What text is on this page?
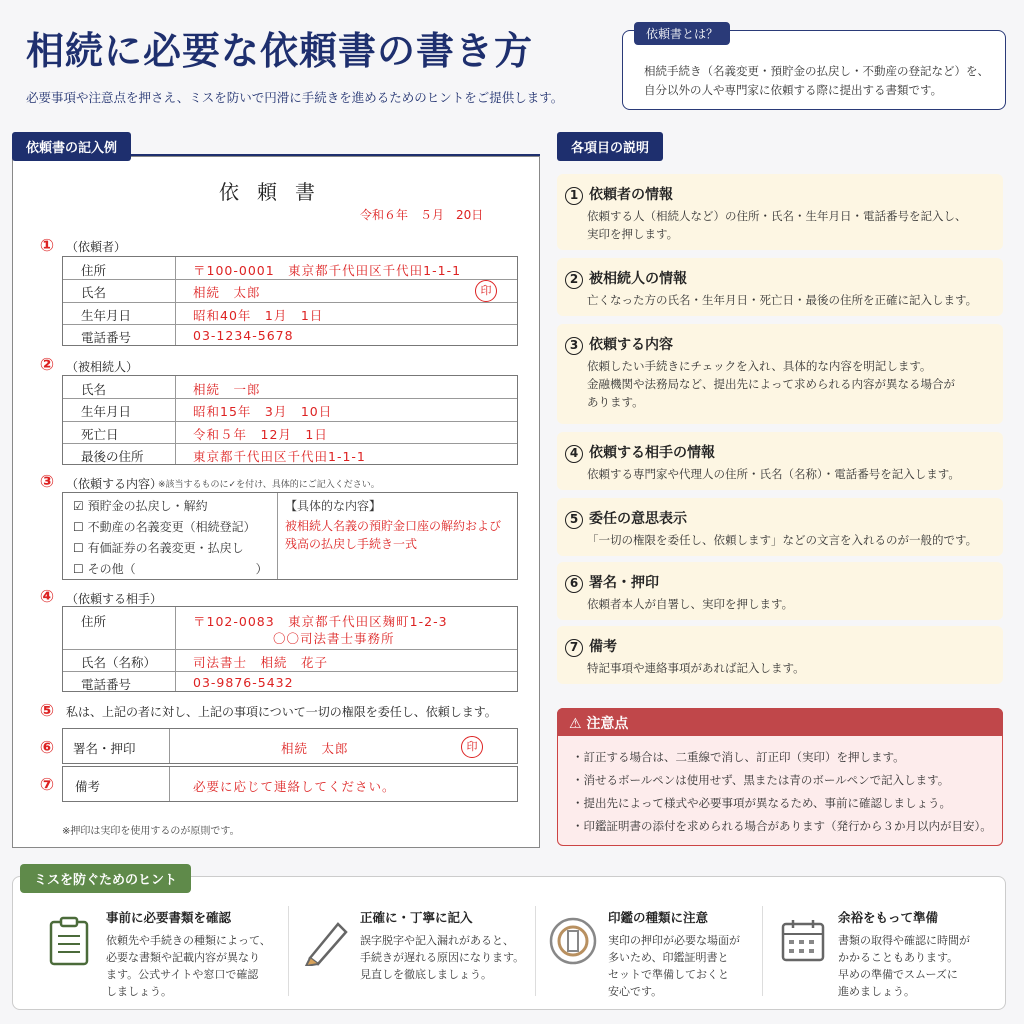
相続に必要な依頼書の書き方
必要事項や注意点を押さえ、ミスを防いで円滑に手続きを進めるためのヒントをご提供します。
依頼書とは？
相続手続き（名義変更・預貯金の払戻し・不動産の登記など）を、自分以外の人や専門家に依頼する際に提出する書類です。
依頼書の記入例
依頼書
令和６年　５月　20日
① （依頼者）
住所	〒100-0001　東京都千代田区千代田1-1-1
氏名	相続　太郎	印
生年月日	昭和40年　1月　1日
電話番号	03-1234-5678
② （被相続人）
氏名	相続　一郎
生年月日	昭和15年　3月　10日
死亡日	令和５年　12月　1日
最後の住所	東京都千代田区千代田1-1-1
③ （依頼する内容）
※該当するものに✓を付け、具体的にご記入ください。
☑ 預貯金の払戻し・解約
☐ 不動産の名義変更（相続登記）
☐ 有価証券の名義変更・払戻し
☐ その他（　　　　　　　　　　）
【具体的な内容】
被相続人名義の預貯金口座の解約および残高の払戻し手続き一式
④ （依頼する相手）
住所	〒102-0083　東京都千代田区麹町1-2-3
〇〇司法書士事務所
氏名（名称）	司法書士　相続　花子
電話番号	03-9876-5432
⑤ 私は、上記の者に対し、上記の事項について一切の権限を委任し、依頼します。
⑥	署名・押印	相続　太郎	印
⑦	備考	必要に応じて連絡してください。
※押印は実印を使用するのが原則です。
各項目の説明
1 依頼者の情報
依頼する人（相続人など）の住所・氏名・生年月日・電話番号を記入し、
実印を押します。
2 被相続人の情報
亡くなった方の氏名・生年月日・死亡日・最後の住所を正確に記入します。
3 依頼する内容
依頼したい手続きにチェックを入れ、具体的な内容を明記します。
金融機関や法務局など、提出先によって求められる内容が異なる場合が
あります。
4 依頼する相手の情報
依頼する専門家や代理人の住所・氏名（名称）・電話番号を記入します。
5 委任の意思表示
「一切の権限を委任し、依頼します」などの文言を入れるのが一般的です。
6 署名・押印
依頼者本人が自署し、実印を押します。
7 備考
特記事項や連絡事項があれば記入します。
⚠ 注意点
・訂正する場合は、二重線で消し、訂正印（実印）を押します。
・消せるボールペンは使用せず、黒または青のボールペンで記入します。
・提出先によって様式や必要事項が異なるため、事前に確認しましょう。
・印鑑証明書の添付を求められる場合があります（発行から３か月以内が目安）。
ミスを防ぐためのヒント
事前に必要書類を確認
依頼先や手続きの種類によって、
必要な書類や記載内容が異なり
ます。公式サイトや窓口で確認
しましょう。
正確に・丁寧に記入
誤字脱字や記入漏れがあると、
手続きが遅れる原因になります。
見直しを徹底しましょう。
印鑑の種類に注意
実印の押印が必要な場面が
多いため、印鑑証明書と
セットで準備しておくと
安心です。
余裕をもって準備
書類の取得や確認に時間が
かかることもあります。
早めの準備でスムーズに
進めましょう。
